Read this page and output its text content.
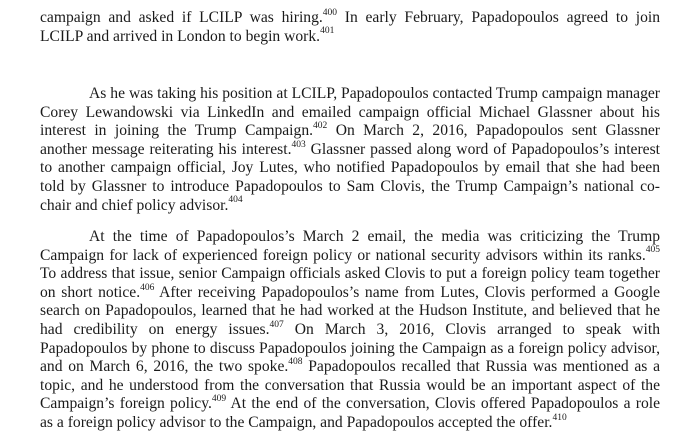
campaign and asked if LCILP was hiring.$^{400}$ In early February, Papadopoulos agreed to join
LCILP and arrived in London to begin work.$^{401}$
As he was taking his position at LCILP, Papadopoulos contacted Trump campaign manager
Corey Lewandowski via LinkedIn and emailed campaign official Michael Glassner about his
interest in joining the Trump Campaign.$^{402}$ On March 2, 2016, Papadopoulos sent Glassner
another message reiterating his interest.$^{403}$ Glassner passed along word of Papadopoulos’s interest
to another campaign official, Joy Lutes, who notified Papadopoulos by email that she had been
told by Glassner to introduce Papadopoulos to Sam Clovis, the Trump Campaign’s national co-
chair and chief policy advisor.$^{404}$
At the time of Papadopoulos’s March 2 email, the media was criticizing the Trump
Campaign for lack of experienced foreign policy or national security advisors within its ranks.$^{405}$
To address that issue, senior Campaign officials asked Clovis to put a foreign policy team together
on short notice.$^{406}$ After receiving Papadopoulos’s name from Lutes, Clovis performed a Google
search on Papadopoulos, learned that he had worked at the Hudson Institute, and believed that he
had credibility on energy issues.$^{407}$ On March 3, 2016, Clovis arranged to speak with
Papadopoulos by phone to discuss Papadopoulos joining the Campaign as a foreign policy advisor,
and on March 6, 2016, the two spoke.$^{408}$ Papadopoulos recalled that Russia was mentioned as a
topic, and he understood from the conversation that Russia would be an important aspect of the
Campaign’s foreign policy.$^{409}$ At the end of the conversation, Clovis offered Papadopoulos a role
as a foreign policy advisor to the Campaign, and Papadopoulos accepted the offer.$^{410}$
